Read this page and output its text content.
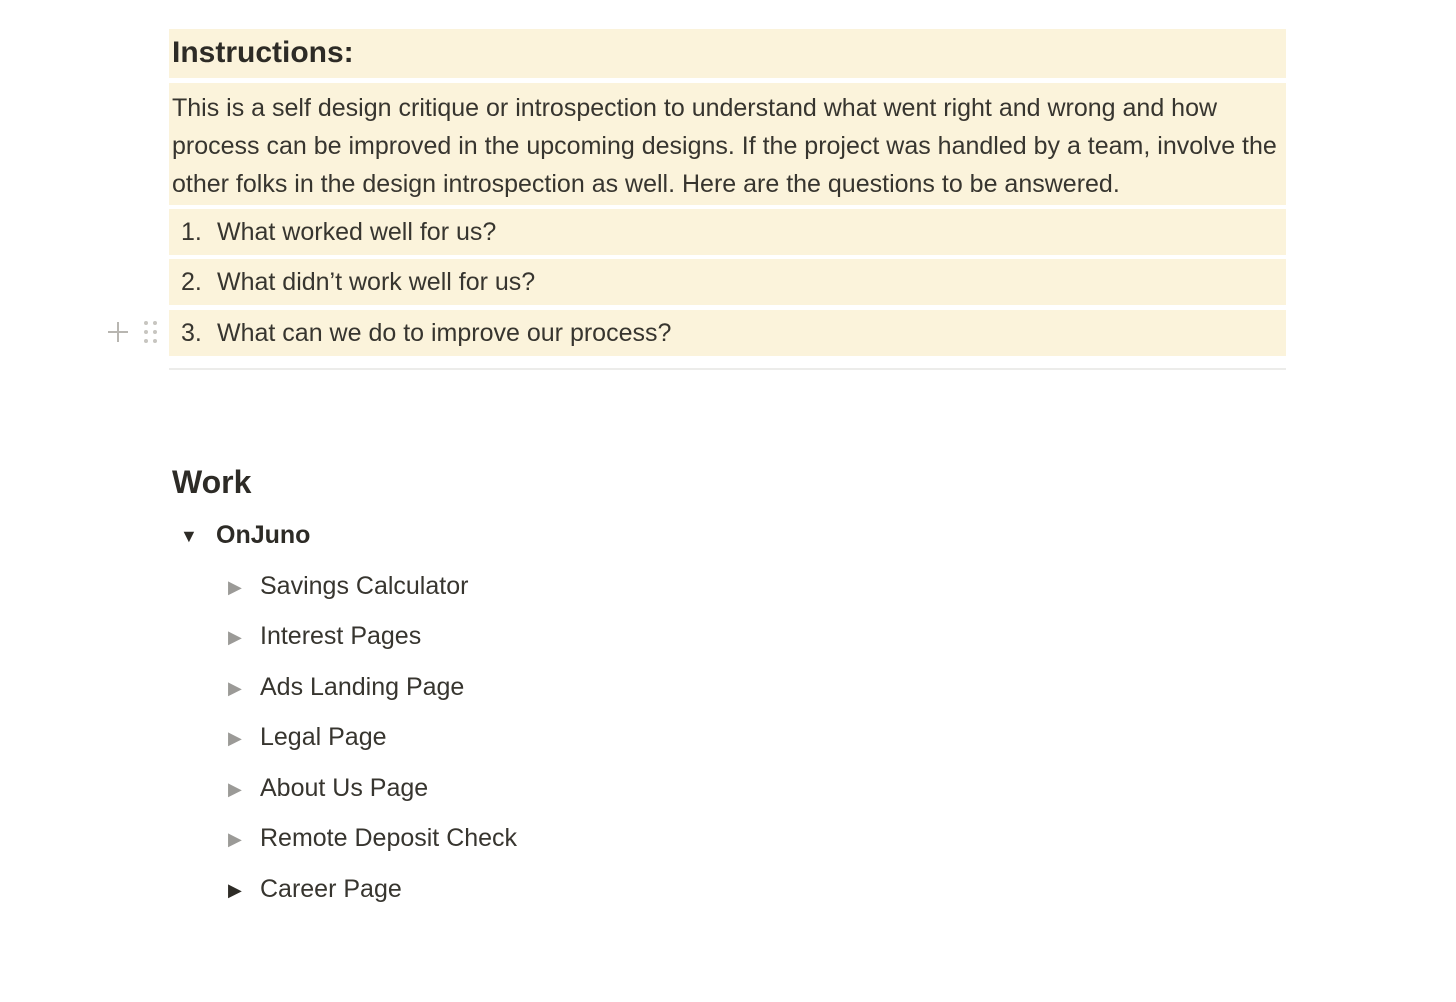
Instructions:
This is a self design critique or introspection to understand what went right and wrong and how process can be improved in the upcoming designs. If the project was handled by a team, involve the other folks in the design introspection as well. Here are the questions to be answered.
1. What worked well for us?
2. What didn’t work well for us?
3. What can we do to improve our process?
Work
▼ OnJuno
▶ Savings Calculator
▶ Interest Pages
▶ Ads Landing Page
▶ Legal Page
▶ About Us Page
▶ Remote Deposit Check
▶ Career Page
